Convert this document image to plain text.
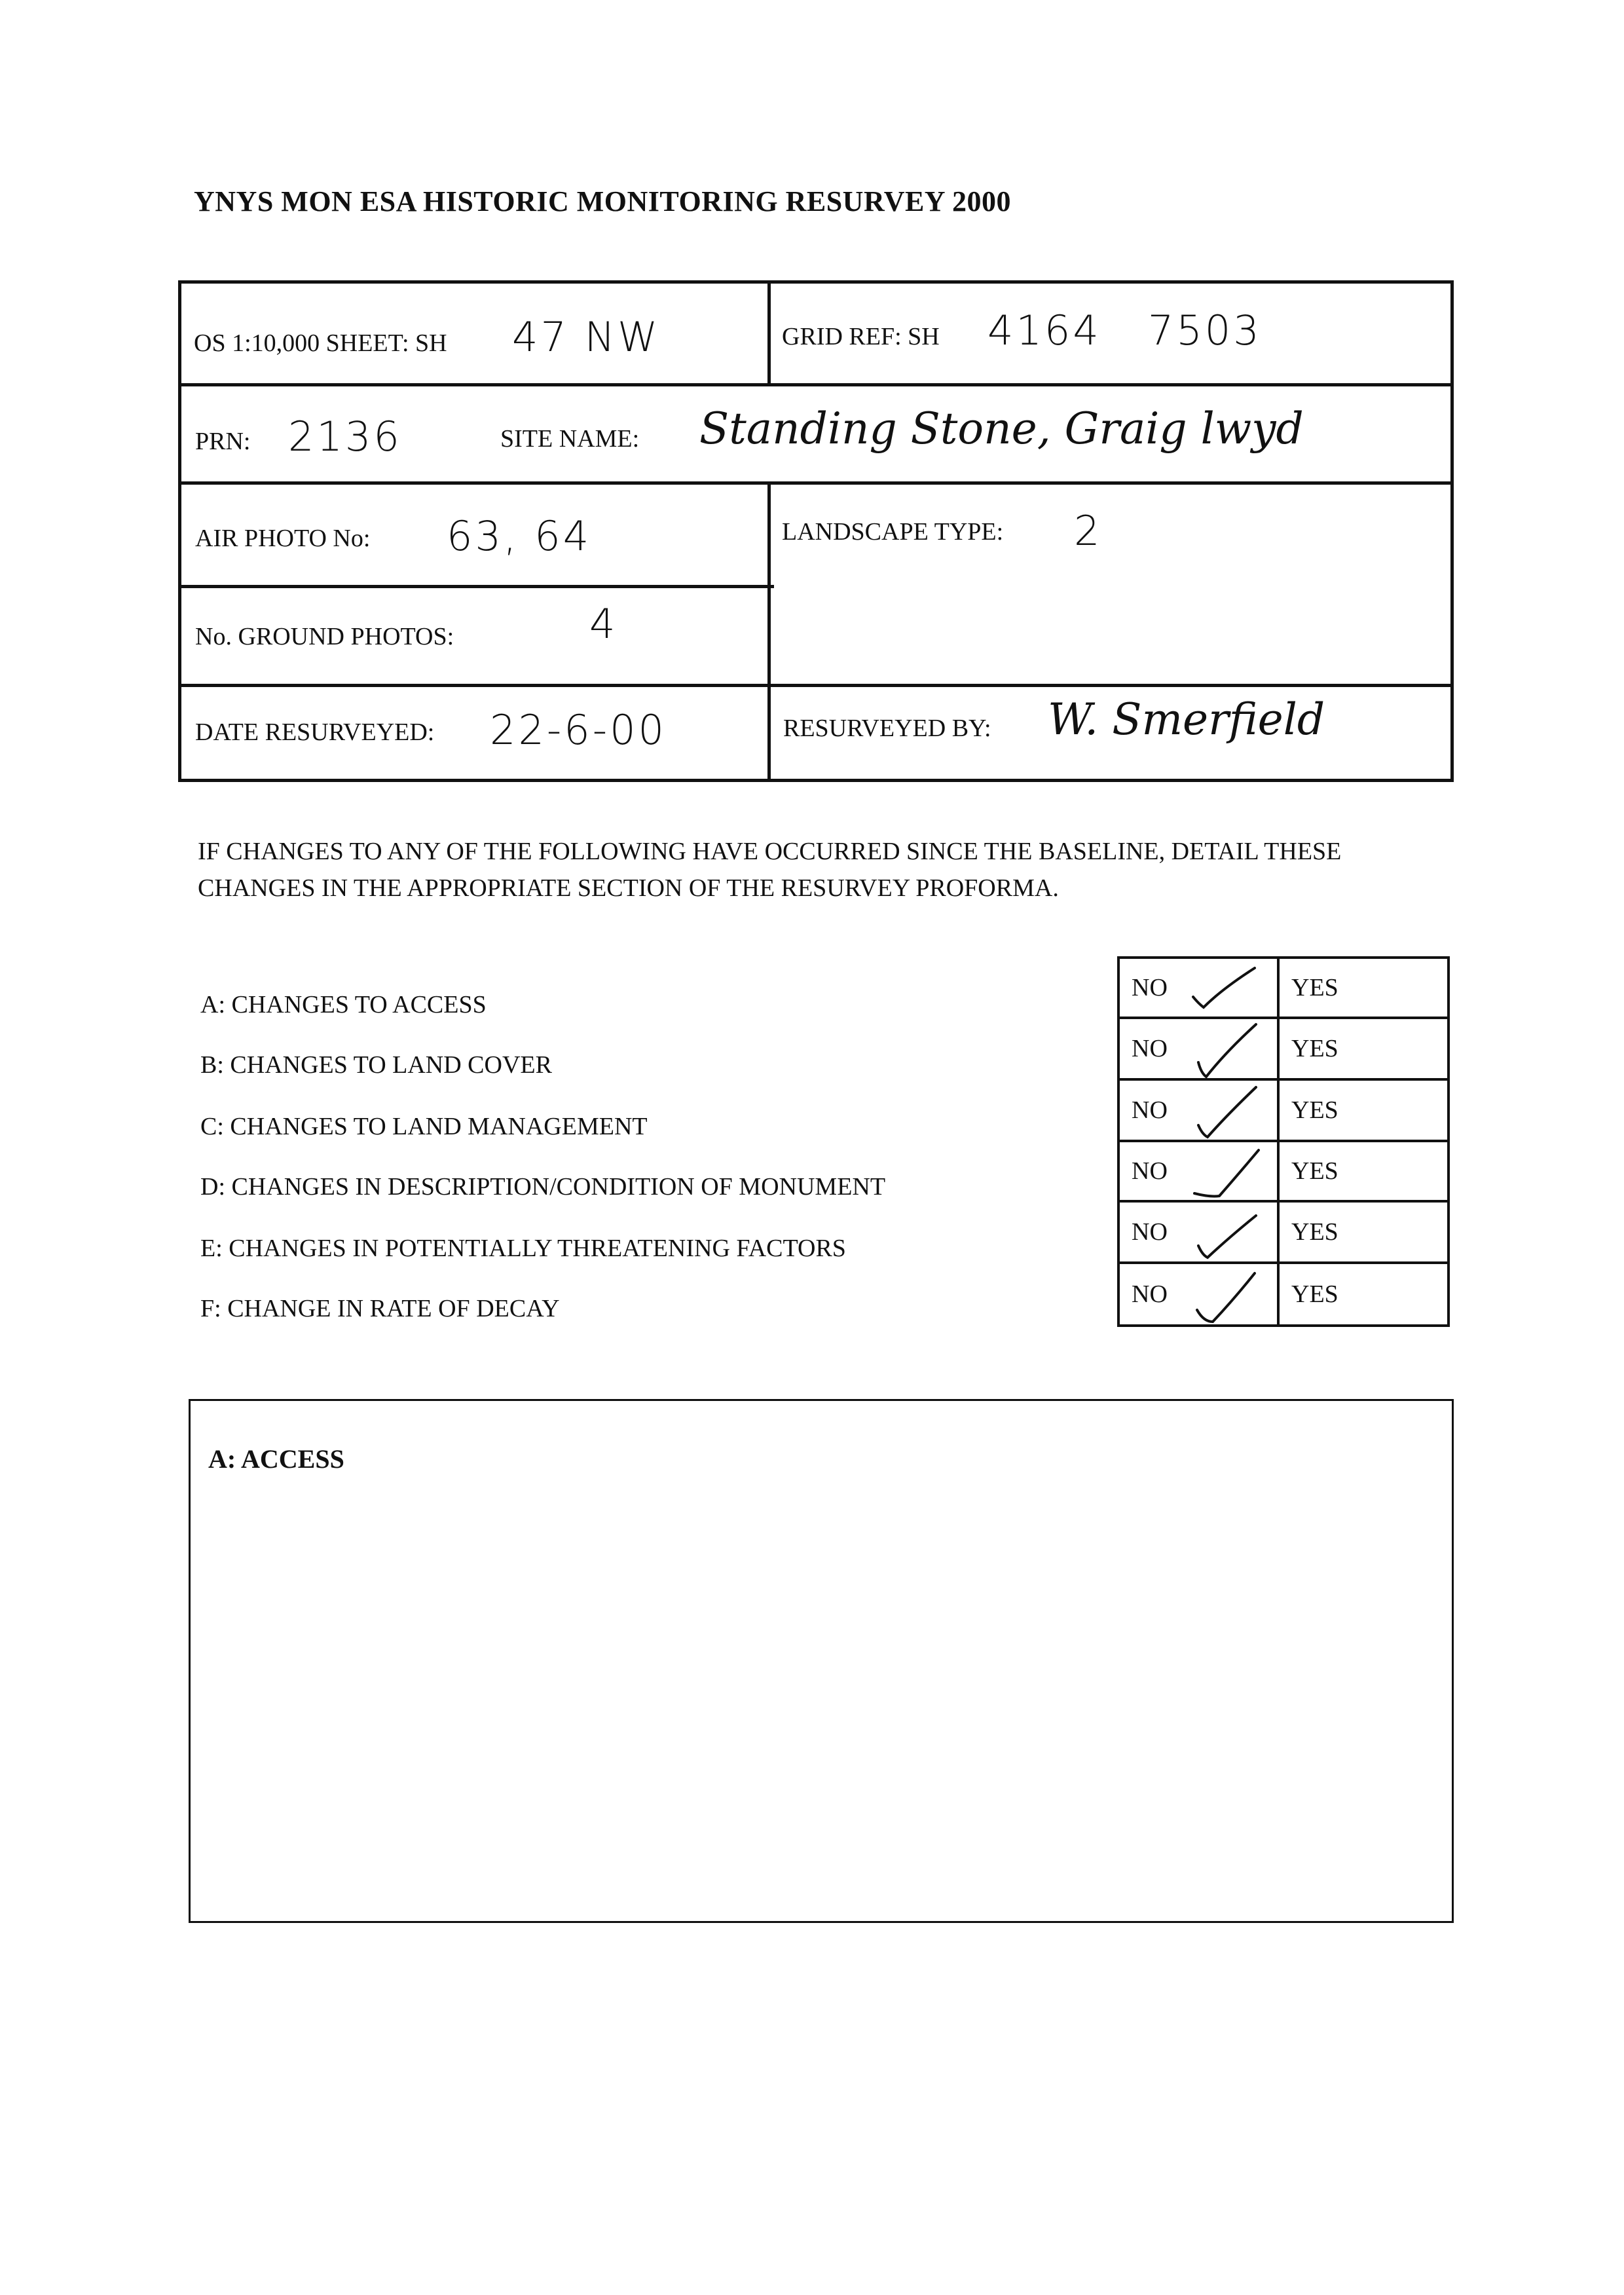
YNYS MON ESA HISTORIC MONITORING RESURVEY 2000
OS 1:10,000 SHEET: SH 47 NW	GRID REF: SH 4164   7503
PRN: 2136	SITE NAME: Standing Stone, Graig lwyd
AIR PHOTO No: 63, 64	LANDSCAPE TYPE: 2
No. GROUND PHOTOS:	4
DATE RESURVEYED: 22-6-00	RESURVEYED BY: W. Smerfield
IF CHANGES TO ANY OF THE FOLLOWING HAVE OCCURRED SINCE THE BASELINE, DETAIL THESE CHANGES IN THE APPROPRIATE SECTION OF THE RESURVEY PROFORMA.
A: CHANGES TO ACCESS
B: CHANGES TO LAND COVER
C: CHANGES TO LAND MANAGEMENT
D: CHANGES IN DESCRIPTION/CONDITION OF MONUMENT
E: CHANGES IN POTENTIALLY THREATENING FACTORS
F: CHANGE IN RATE OF DECAY
NO	YES
NO	YES
NO	YES
NO	YES
NO	YES
NO	YES
A: ACCESS
